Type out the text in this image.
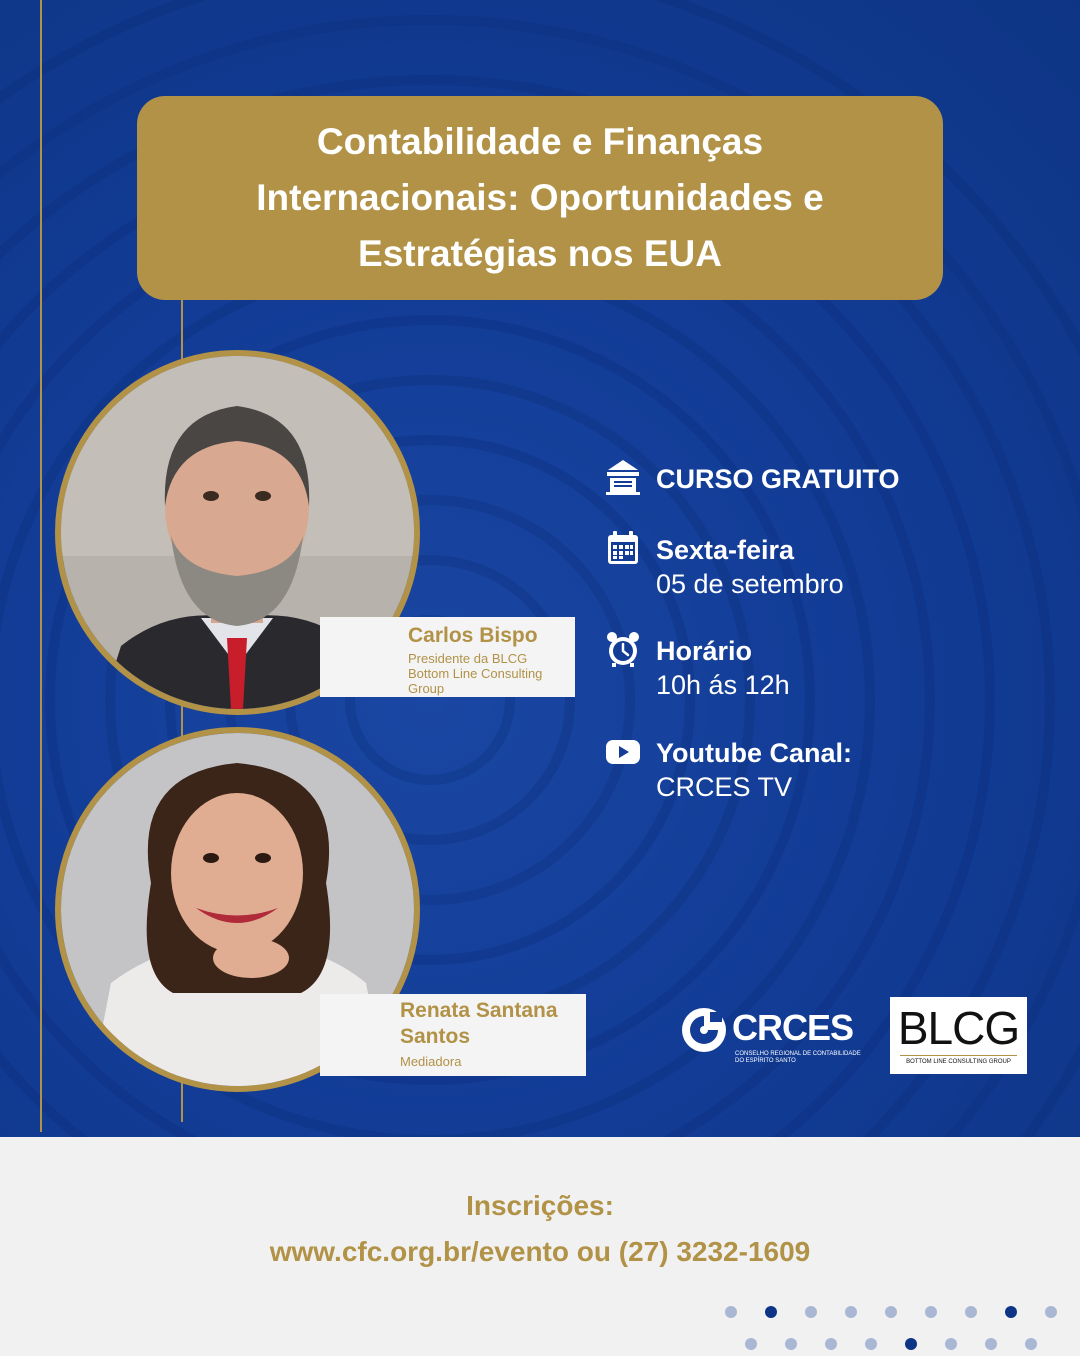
Contabilidade e Finanças Internacionais: Oportunidades e Estratégias nos EUA
Carlos Bispo
Presidente da BLCG
Bottom Line Consulting Group
Renata Santana Santos
Mediadora
CURSO GRATUITO
Sexta-feira
05 de setembro
Horário
10h ás 12h
Youtube Canal:
CRCES TV
CRCES
CONSELHO REGIONAL DE CONTABILIDADE
DO ESPÍRITO SANTO
BLCG
BOTTOM LINE CONSULTING GROUP
Inscrições:
www.cfc.org.br/evento ou (27) 3232-1609
